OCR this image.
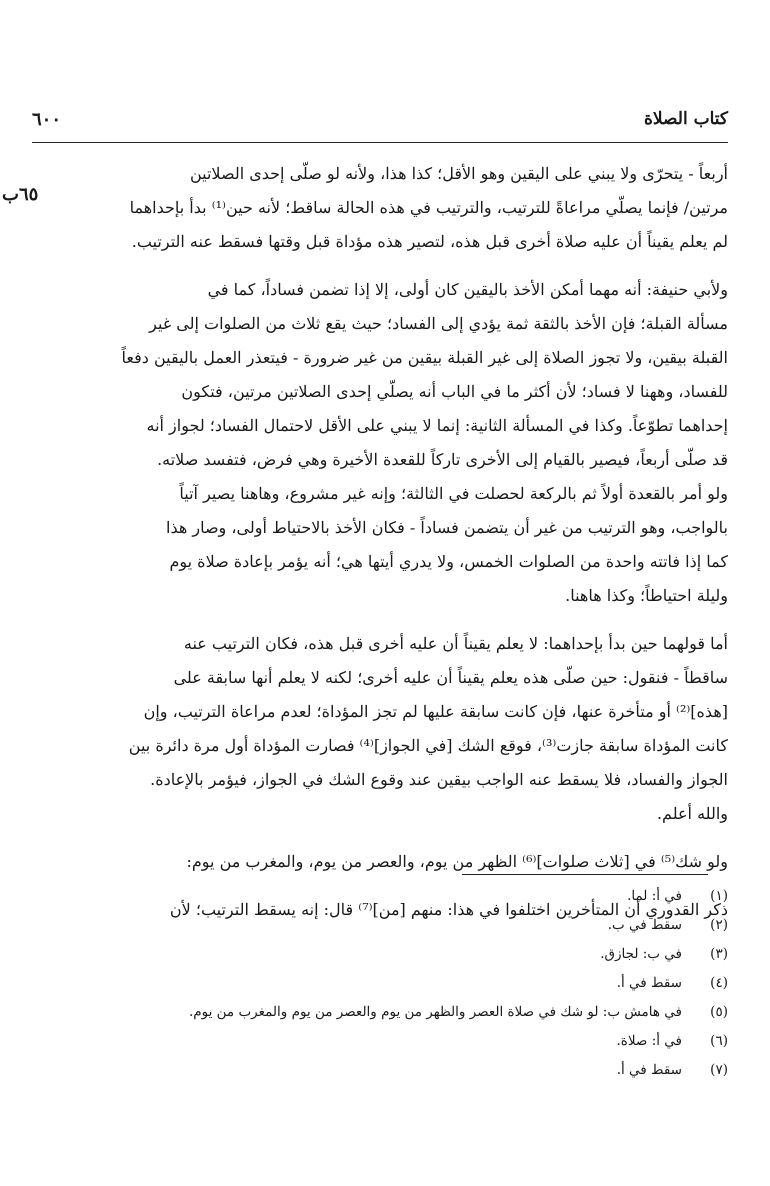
كتاب الصلاة
٦٠٠
٦٥ب
أربعاً - يتحرّى ولا يبني على اليقين وهو الأقل؛ كذا هذا، ولأنه لو صلّى إحدى الصلاتين
مرتين/ فإنما يصلّي مراعاةً للترتيب، والترتيب في هذه الحالة ساقط؛ لأنه حين⁽¹⁾ بدأ بإحداهما
لم يعلم يقيناً أن عليه صلاة أخرى قبل هذه، لتصير هذه مؤداة قبل وقتها فسقط عنه الترتيب.
ولأبي حنيفة: أنه مهما أمكن الأخذ باليقين كان أولى، إلا إذا تضمن فساداً، كما في
مسألة القبلة؛ فإن الأخذ بالثقة ثمة يؤدي إلى الفساد؛ حيث يقع ثلاث من الصلوات إلى غير
القبلة بيقين، ولا تجوز الصلاة إلى غير القبلة بيقين من غير ضرورة - فيتعذر العمل باليقين دفعاً
للفساد، وههنا لا فساد؛ لأن أكثر ما في الباب أنه يصلّي إحدى الصلاتين مرتين، فتكون
إحداهما تطوّعاً. وكذا في المسألة الثانية: إنما لا يبني على الأقل لاحتمال الفساد؛ لجواز أنه
قد صلّى أربعاً، فيصير بالقيام إلى الأخرى تاركاً للقعدة الأخيرة وهي فرض، فتفسد صلاته.
ولو أمر بالقعدة أولاً ثم بالركعة لحصلت في الثالثة؛ وإنه غير مشروع، وهاهنا يصير آتياً
بالواجب، وهو الترتيب من غير أن يتضمن فساداً - فكان الأخذ بالاحتياط أولى، وصار هذا
كما إذا فاتته واحدة من الصلوات الخمس، ولا يدري أيتها هي؛ أنه يؤمر بإعادة صلاة يوم
وليلة احتياطاً؛ وكذا هاهنا.
أما قولهما حين بدأ بإحداهما: لا يعلم يقيناً أن عليه أخرى قبل هذه، فكان الترتيب عنه
ساقطاً - فنقول: حين صلّى هذه يعلم يقيناً أن عليه أخرى؛ لكنه لا يعلم أنها سابقة على
[هذه]⁽²⁾ أو متأخرة عنها، فإن كانت سابقة عليها لم تجز المؤداة؛ لعدم مراعاة الترتيب، وإن
كانت المؤداة سابقة جازت⁽³⁾، فوقع الشك [في الجواز]⁽⁴⁾ فصارت المؤداة أول مرة دائرة بين
الجواز والفساد، فلا يسقط عنه الواجب بيقين عند وقوع الشك في الجواز، فيؤمر بالإعادة.
والله أعلم.
ولو شك⁽⁵⁾ في [ثلاث صلوات]⁽⁶⁾ الظهر من يوم، والعصر من يوم، والمغرب من يوم:
ذكر القدوري أن المتأخرين اختلفوا في هذا: منهم [من]⁽⁷⁾ قال: إنه يسقط الترتيب؛ لأن
(١)
في أ: لما.
(٢)
سقط في ب.
(٣)
في ب: لجازق.
(٤)
سقط في أ.
(٥)
في هامش ب: لو شك في صلاة العصر والظهر من يوم والعصر من يوم والمغرب من يوم.
(٦)
في أ: صلاة.
(٧)
سقط في أ.
